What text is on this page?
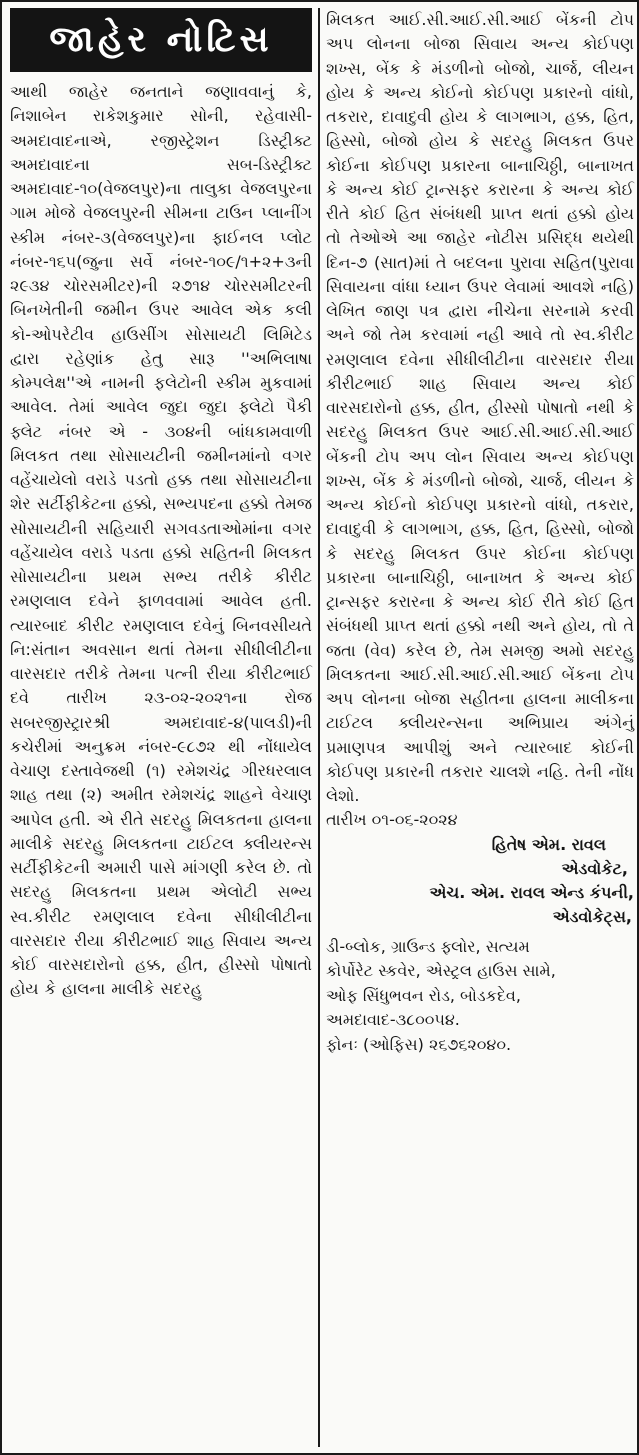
જાહેર નોટિસ

આથી જાહેર જનતાને જણાવવાનું કે, નિશાબેન રાકેશકુમાર સોની, રહેવાસી-અમદાવાદનાએ, રજીસ્ટ્રેશન ડિસ્ટ્રીક્ટ અમદાવાદના સબ-ડિસ્ટ્રીક્ટ અમદાવાદ-૧૦(વેજલપુર)ના તાલુકા વેજલપુરના ગામ મોજે વેજલપુરની સીમના ટાઉન પ્લાનીંગ સ્કીમ નંબર-૩(વેજલપુર)ના ફાઈનલ પ્લોટ નંબર-૧૬૫(જુના સર્વે નંબર-૧૦૯/૧+૨+૩ની ૨૯૩૪ ચોરસમીટર)ની ૨૭૧૪ ચોરસમીટરની બિનખેતીની જમીન ઉપર આવેલ એક કલી કો-ઓપરેટીવ હાઉસીંગ સોસાયટી લિમિટેડ દ્વારા રહેણાંક હેતુ સારૂ ''અભિલાષા કોમ્પલેક્ષ''એ નામની ફલેટોની સ્કીમ મુકવામાં આવેલ. તેમાં આવેલ જુદા જુદા ફ્લેટો પૈકી ફ્લેટ નંબર એ - ૩૦૪ની બાંધકામવાળી મિલકત તથા સોસાયટીની જમીનમાંનો વગર વહેંચાયેલો વરાડે પડતો હક્ક તથા સોસાયટીના શેર સર્ટીફીકેટના હક્કો, સભ્યપદના હક્કો તેમજ સોસાયટીની સહિયારી સગવડતાઓમાંના વગર વહેંચાયેલ વરાડે પડતા હક્કો સહિતની મિલકત સોસાયટીના પ્રથમ સભ્ય તરીકે કીરીટ રમણલાલ દવેને ફાળવવામાં આવેલ હતી. ત્યારબાદ કીરીટ રમણલાલ દવેનું બિનવસીયતે નિ:સંતાન અવસાન થતાં તેમના સીધીલીટીના વારસદાર તરીકે તેમના પત્ની રીયા કીરીટભાઈ દવે તારીખ ૨૩-૦૨-૨૦૨૧ના રોજ સબરજીસ્ટ્રારશ્રી અમદાવાદ-૪(પાલડી)ની કચેરીમાં અનુક્રમ નંબર-૯૮૭૨ થી નોંધાયેલ વેચાણ દસ્તાવેજથી (૧) રમેશચંદ્ર ગીરધરલાલ શાહ તથા (૨) અમીત રમેશચંદ્ર શાહને વેચાણ આપેલ હતી. એ રીતે સદરહુ મિલકતના હાલના માલીકે સદરહુ મિલકતના ટાઈટલ ક્લીયરન્સ સર્ટીફીકેટની અમારી પાસે માંગણી કરેલ છે. તો સદરહુ મિલકતના પ્રથમ એલોટી સભ્ય સ્વ.કીરીટ રમણલાલ દવેના સીધીલીટીના વારસદાર રીયા કીરીટભાઈ શાહ સિવાય અન્ય કોઈ વારસદારોનો હક્ક, હીત, હીસ્સો પોષાતો હોય કે હાલના માલીકે સદરહુ

મિલકત આઈ.સી.આઈ.સી.આઈ બેંકની ટોપ અપ લોનના બોજા સિવાય અન્ય કોઈપણ શખ્સ, બેંક કે મંડળીનો બોજો, ચાર્જ, લીયન હોય કે અન્ય કોઈનો કોઈપણ પ્રકારનો વાંધો, તકરાર, દાવાદુવી હોય કે લાગભાગ, હક્ક, હિત, હિસ્સો, બોજો હોય કે સદરહુ મિલકત ઉપર કોઈના કોઈપણ પ્રકારના બાનાચિઠ્ઠી, બાનાખત કે અન્ય કોઈ ટ્રાન્સફર કરારના કે અન્ય કોઈ રીતે કોઈ હિત સંબંધથી પ્રાપ્ત થતાં હક્કો હોય તો તેઓએ આ જાહેર નોટીસ પ્રસિદ્ધ થયેથી દિન-૭ (સાત)માં તે બદલના પુરાવા સહિત(પુરાવા સિવાયના વાંધા ધ્યાન ઉપર લેવામાં આવશે નહિ) લેખિત જાણ પત્ર દ્વારા નીચેના સરનામે કરવી અને જો તેમ કરવામાં નહી આવે તો સ્વ.કીરીટ રમણલાલ દવેના સીધીલીટીના વારસદાર રીયા કીરીટભાઈ શાહ સિવાય અન્ય કોઈ વારસદારોનો હક્ક, હીત, હીસ્સો પોષાતો નથી કે સદરહુ મિલકત ઉપર આઈ.સી.આઈ.સી.આઈ બેંકની ટોપ અપ લોન સિવાય અન્ય કોઈપણ શખ્સ, બેંક કે મંડળીનો બોજો, ચાર્જ, લીયન કે અન્ય કોઈનો કોઈપણ પ્રકારનો વાંધો, તકરાર, દાવાદુવી કે લાગભાગ, હક્ક, હિત, હિસ્સો, બોજો કે સદરહુ મિલકત ઉપર કોઈના કોઈપણ પ્રકારના બાનાચિઠ્ઠી, બાનાખત કે અન્ય કોઈ ટ્રાન્સફર કરારના કે અન્ય કોઈ રીતે કોઈ હિત સંબંધથી પ્રાપ્ત થતાં હક્કો નથી અને હોય, તો તે જતા (વેવ) કરેલ છે, તેમ સમજી અમો સદરહુ મિલકતના આઈ.સી.આઈ.સી.આઈ બેંકના ટોપ અપ લોનના બોજા સહીતના હાલના માલીકના ટાઈટલ ક્લીયરન્સના અભિપ્રાય અંગેનું પ્રમાણપત્ર આપીશું અને ત્યારબાદ કોઈની કોઈપણ પ્રકારની તકરાર ચાલશે નહિ. તેની નોંધ લેશો.

તારીખ ૦૧-૦૬-૨૦૨૪

હિતેષ એમ. રાવલ
એડવોકેટ,
એચ. એમ. રાવલ એન્ડ કંપની,
એડવોકેટ્સ,
ડી-બ્લોક, ગ્રાઉન્ડ ફ્લોર, સત્યમ
કોર્પોરેટ સ્કવેર, એસ્ટ્રલ હાઉસ સામે,
ઓફ સિંધુભવન રોડ, બોડકદેવ,
અમદાવાદ-૩૮૦૦૫૪.
ફોનઃ (ઓફિસ) ૨૬૭૬૨૦૪૦.
